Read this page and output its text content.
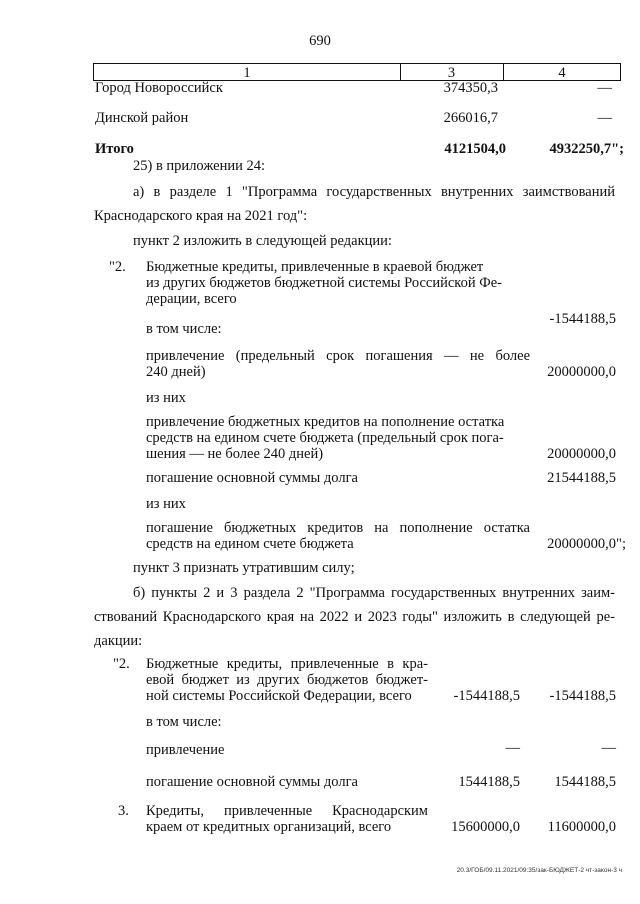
690
1	3	4
Город Новороссийск	374350,3	—
Динской район	266016,7	—
Итого	4121504,0	4932250,7";
25) в приложении 24:
а) в разделе 1 "Программа государственных внутренних заимствований
Краснодарского края на 2021 год":
пункт 2 изложить в следующей редакции:
"2. Бюджетные кредиты, привлеченные в краевой бюджет
из других бюджетов бюджетной системы Российской Фе-
дерации, всего
-1544188,5
в том числе:
привлечение (предельный срок погашения — не более
240 дней)	20000000,0
из них
привлечение бюджетных кредитов на пополнение остатка
средств на едином счете бюджета (предельный срок пога-
шения — не более 240 дней)	20000000,0
погашение основной суммы долга	21544188,5
из них
погашение бюджетных кредитов на пополнение остатка
средств на едином счете бюджета	20000000,0";
пункт 3 признать утратившим силу;
б) пункты 2 и 3 раздела 2 "Программа государственных внутренних заим-
ствований Краснодарского края на 2022 и 2023 годы" изложить в следующей ре-
дакции:
"2. Бюджетные кредиты, привлеченные в кра-
евой бюджет из других бюджетов бюджет-
ной системы Российской Федерации, всего	-1544188,5	-1544188,5
в том числе:
привлечение	—	—
погашение основной суммы долга	1544188,5	1544188,5
3. Кредиты, привлеченные Краснодарским
краем от кредитных организаций, всего	15600000,0	11600000,0
20.3/ГОБ/09.11.2021/09:35/зак-БЮДЖЕТ-2 чт-закон-3 ч
